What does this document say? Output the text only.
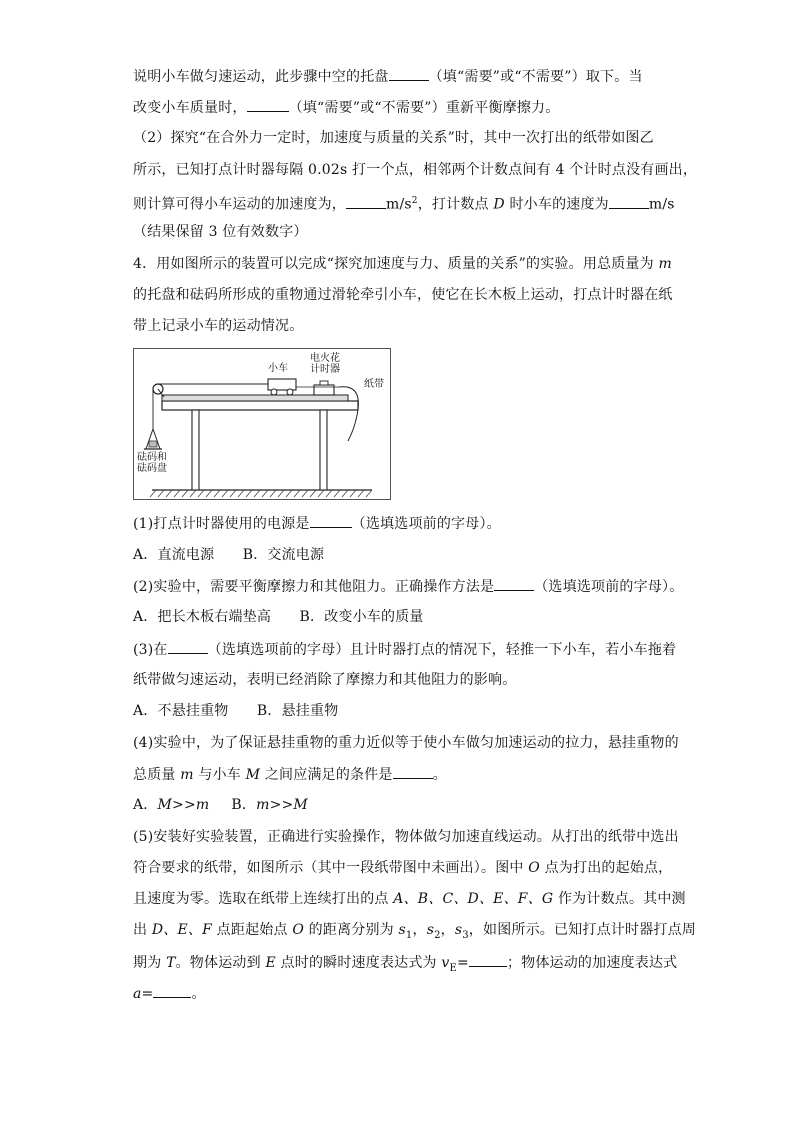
说明小车做匀速运动，此步骤中空的托盘	（填“需要”或“不需要”）取下。当
改变小车质量时，	（填“需要”或“不需要”）重新平衡摩擦力。
（2）探究“在合外力一定时，加速度与质量的关系”时，其中一次打出的纸带如图乙
所示，已知打点计时器每隔 0.02s 打一个点，相邻两个计数点间有 4 个计时点没有画出，
则计算可得小车运动的加速度为，	$m/s^2$，打计数点 D 时小车的速度为	m/s
（结果保留 3 位有效数字）
4．用如图所示的装置可以完成“探究加速度与力、质量的关系”的实验。用总质量为 m
的托盘和砝码所形成的重物通过滑轮牵引小车，使它在长木板上运动，打点计时器在纸
带上记录小车的运动情况。
小车
电火花
计时器
纸带
砝码和
砝码盘
(1)打点计时器使用的电源是	（选填选项前的字母）。
A．直流电源　　B．交流电源
(2)实验中，需要平衡摩擦力和其他阻力。正确操作方法是	（选填选项前的字母）。
A．把长木板右端垫高　　B．改变小车的质量
(3)在	（选填选项前的字母）且计时器打点的情况下，轻推一下小车，若小车拖着
纸带做匀速运动，表明已经消除了摩擦力和其他阻力的影响。
A．不悬挂重物　　B．悬挂重物
(4)实验中，为了保证悬挂重物的重力近似等于使小车做匀加速运动的拉力，悬挂重物的
总质量 m 与小车 M 之间应满足的条件是	。
A．M>>m B．m>>M
(5)安装好实验装置，正确进行实验操作，物体做匀加速直线运动。从打出的纸带中选出
符合要求的纸带，如图所示（其中一段纸带图中未画出）。图中 O 点为打出的起始点，
且速度为零。选取在纸带上连续打出的点 A、B、C、D、E、F、G 作为计数点。其中测
出 D、E、F 点距起始点 O 的距离分别为 $s_1$，$s_2$，$s_3$，如图所示。已知打点计时器打点周
期为 T。物体运动到 E 点时的瞬时速度表达式为 $v_E=$	；物体运动的加速度表达式
a=	。
